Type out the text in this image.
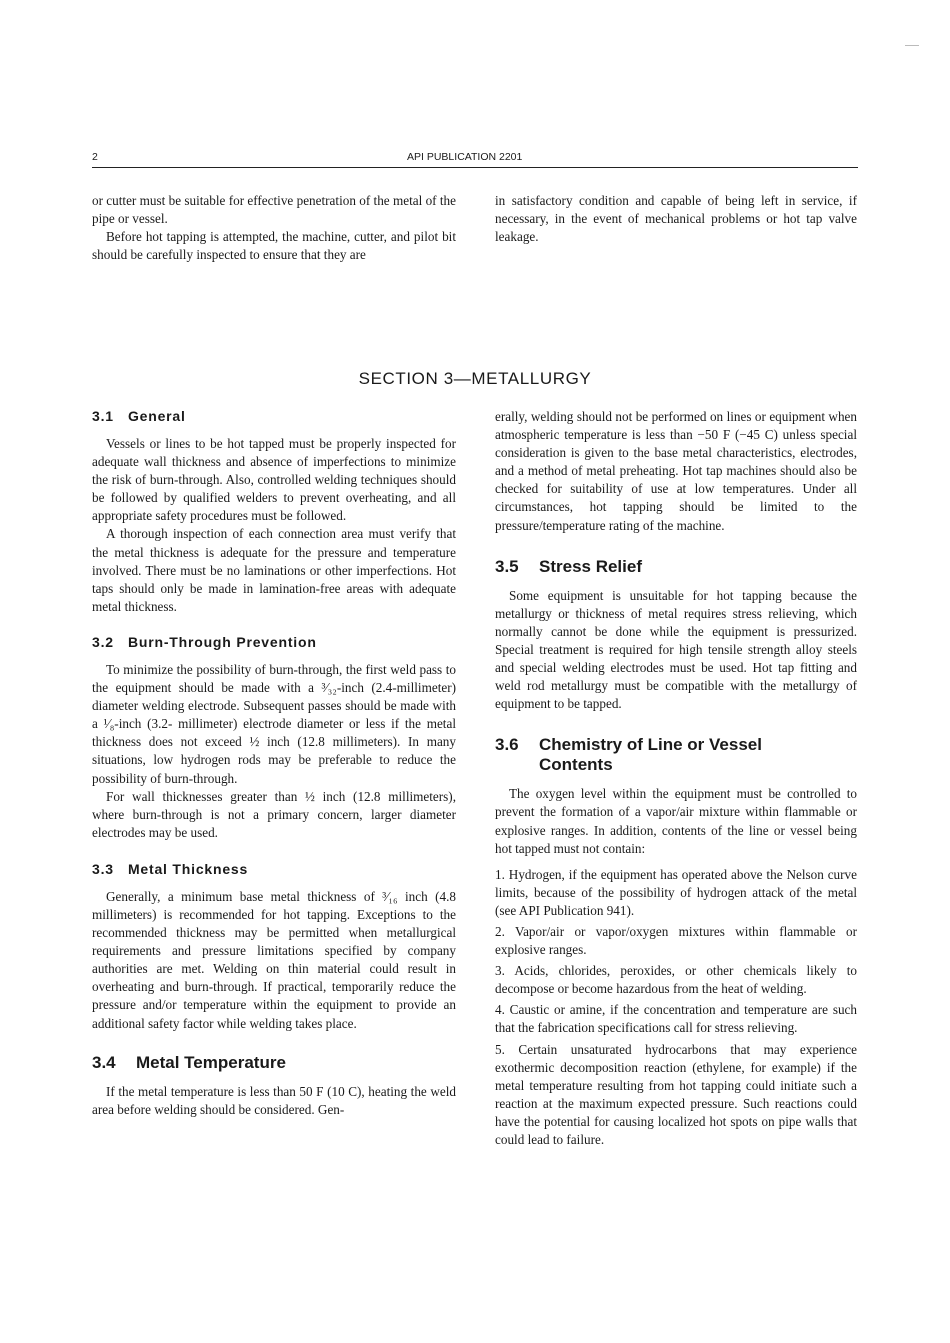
2	API PUBLICATION 2201

or cutter must be suitable for effective penetration of the metal of the pipe or vessel.

Before hot tapping is attempted, the machine, cutter, and pilot bit should be carefully inspected to ensure that they are

in satisfactory condition and capable of being left in service, if necessary, in the event of mechanical problems or hot tap valve leakage.

SECTION 3—METALLURGY
3.1 General

Vessels or lines to be hot tapped must be properly inspected for adequate wall thickness and absence of imperfections to minimize the risk of burn-through. Also, controlled welding techniques should be followed by qualified welders to prevent overheating, and all appropriate safety procedures must be followed.

A thorough inspection of each connection area must verify that the metal thickness is adequate for the pressure and temperature involved. There must be no laminations or other imperfections. Hot taps should only be made in lamination-free areas with adequate metal thickness.

3.2 Burn-Through Prevention

To minimize the possibility of burn-through, the first weld pass to the equipment should be made with a ³⁄₃₂-inch (2.4-millimeter) diameter welding electrode. Subsequent passes should be made with a ¹⁄₈-inch (3.2- millimeter) electrode diameter or less if the metal thickness does not exceed ½ inch (12.8 millimeters). In many situations, low hydrogen rods may be preferable to reduce the possibility of burn-through.

For wall thicknesses greater than ½ inch (12.8 millimeters), where burn-through is not a primary concern, larger diameter electrodes may be used.

3.3 Metal Thickness

Generally, a minimum base metal thickness of ³⁄₁₆ inch (4.8 millimeters) is recommended for hot tapping. Exceptions to the recommended thickness may be permitted when metallurgical requirements and pressure limitations specified by company authorities are met. Welding on thin material could result in overheating and burn-through. If practical, temporarily reduce the pressure and/or temperature within the equipment to provide an additional safety factor while welding takes place.

3.4 Metal Temperature

If the metal temperature is less than 50 F (10 C), heating the weld area before welding should be considered. Gen-

erally, welding should not be performed on lines or equipment when atmospheric temperature is less than −50 F (−45 C) unless special consideration is given to the base metal characteristics, electrodes, and a method of metal preheating. Hot tap machines should also be checked for suitability of use at low temperatures. Under all circumstances, hot tapping should be limited to the pressure/temperature rating of the machine.

3.5 Stress Relief

Some equipment is unsuitable for hot tapping because the metallurgy or thickness of metal requires stress relieving, which normally cannot be done while the equipment is pressurized. Special treatment is required for high tensile strength alloy steels and special welding electrodes must be used. Hot tap fitting and weld rod metallurgy must be compatible with the metallurgy of equipment to be tapped.

3.6 Chemistry of Line or Vessel
Contents

The oxygen level within the equipment must be controlled to prevent the formation of a vapor/air mixture within flammable or explosive ranges. In addition, contents of the line or vessel being hot tapped must not contain:

1. Hydrogen, if the equipment has operated above the Nelson curve limits, because of the possibility of hydrogen attack of the metal (see API Publication 941).

2. Vapor/air or vapor/oxygen mixtures within flammable or explosive ranges.

3. Acids, chlorides, peroxides, or other chemicals likely to decompose or become hazardous from the heat of welding.

4. Caustic or amine, if the concentration and temperature are such that the fabrication specifications call for stress relieving.

5. Certain unsaturated hydrocarbons that may experience exothermic decomposition reaction (ethylene, for example) if the metal temperature resulting from hot tapping could initiate such a reaction at the maximum expected pressure. Such reactions could have the potential for causing localized hot spots on pipe walls that could lead to failure.
